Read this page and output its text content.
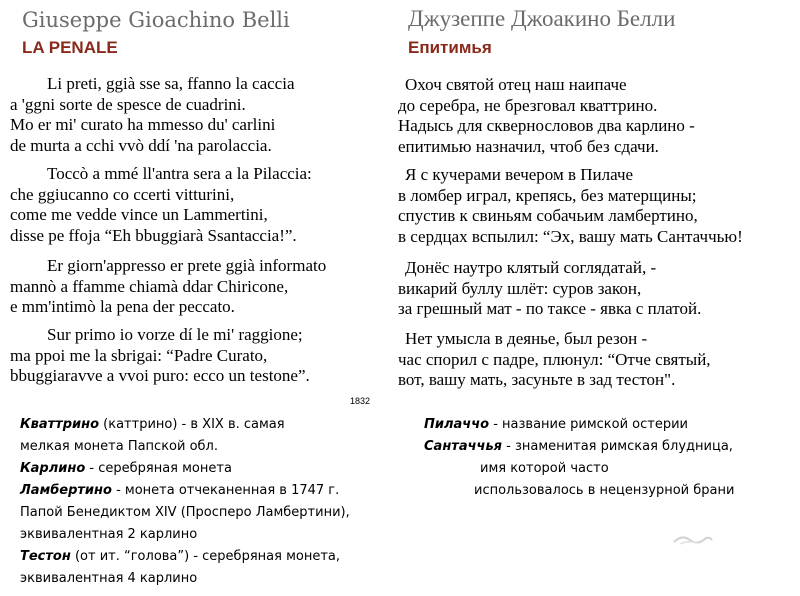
Giuseppe Gioachino Belli
LA PENALE
Li preti, ggià sse sa, ffanno la caccia
a 'ggni sorte de spesce de cuadrini.
Mo er mi' curato ha mmesso du' carlini
de murta a cchi vvò ddí 'na parolaccia.
Toccò a mmé ll'antra sera a la Pilaccia:
che ggiucanno co ccerti vitturini,
come me vedde vince un Lammertini,
disse pe ffoja “Eh bbuggiarà Ssantaccia!”.
Er giorn'appresso er prete ggià informato
mannò a ffamme chiamà ddar Chiricone,
e mm'intimò la pena der peccato.
Sur primo io vorze dí le mi' raggione;
ma ppoi me la sbrigai: “Padre Curato,
bbuggiaravve a vvoi puro: ecco un testone”.
1832
Джузеппе Джоакино Белли
Епитимья
Охоч святой отец наш наипаче
до серебра, не брезговал кваттрино.
Надысь для сквернословов два карлино -
епитимью назначил, чтоб без сдачи.
Я с кучерами вечером в Пилаче
в ломбер играл, крепясь, без матерщины;
спустив к свиньям собачьим ламбертино,
в сердцах вспылил: “Эх, вашу мать Сантаччью!
Донёс наутро клятый соглядатай, -
викарий буллу шлёт: суров закон,
за грешный мат - по таксе - явка с платой.
Нет умысла в деянье, был резон -
час спорил с падре, плюнул: “Отче святый,
вот, вашу мать, засуньте в зад тестон".
Кваттрино (каттрино) - в XIX в. самая
мелкая монета Папской обл.
Карлино - серебряная монета
Ламбертино - монета отчеканенная в 1747 г.
Папой Бенедиктом XIV (Просперо Ламбертини),
эквивалентная 2 карлино
Тестон (от ит. “голова”) - серебряная монета,
эквивалентная 4 карлино
Пилаччо - название римской остерии
Сантаччья - знаменитая римская блудница,
имя которой часто
использовалось в нецензурной брани
